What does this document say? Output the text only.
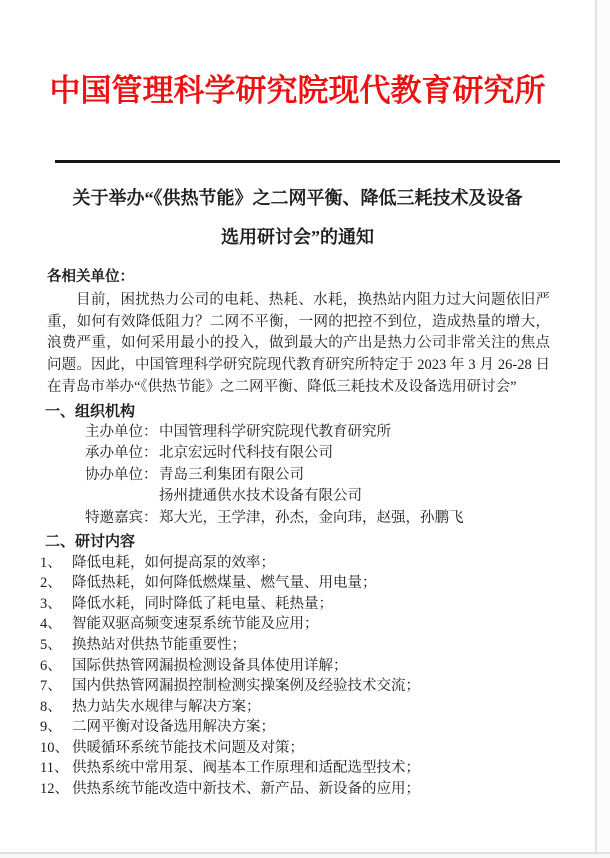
中国管理科学研究院现代教育研究所
关于举办“《供热节能》之二网平衡、降低三耗技术及设备
选用研讨会”的通知
各相关单位：
目前，困扰热力公司的电耗、热耗、水耗，换热站内阻力过大问题依旧严重，如何有效降低阻力？二网不平衡，一网的把控不到位，造成热量的增大，浪费严重，如何采用最小的投入，做到最大的产出是热力公司非常关注的焦点问题。因此，中国管理科学研究院现代教育研究所特定于 2023 年 3 月 26-28 日在青岛市举办“《供热节能》之二网平衡、降低三耗技术及设备选用研讨会”
一、组织机构
主办单位： 中国管理科学研究院现代教育研究所
承办单位： 北京宏远时代科技有限公司
协办单位： 青岛三利集团有限公司
扬州捷通供水技术设备有限公司
特邀嘉宾： 郑大光，王学津，孙杰，金向玮，赵强，孙鹏飞
二、研讨内容
1、 降低电耗，如何提高泵的效率；
2、 降低热耗，如何降低燃煤量、燃气量、用电量；
3、 降低水耗，同时降低了耗电量、耗热量；
4、 智能双驱高频变速泵系统节能及应用；
5、 换热站对供热节能重要性；
6、 国际供热管网漏损检测设备具体使用详解；
7、 国内供热管网漏损控制检测实操案例及经验技术交流；
8、 热力站失水规律与解决方案；
9、 二网平衡对设备选用解决方案；
10、 供暖循环系统节能技术问题及对策；
11、 供热系统中常用泵、阀基本工作原理和适配选型技术；
12、 供热系统节能改造中新技术、新产品、新设备的应用；
